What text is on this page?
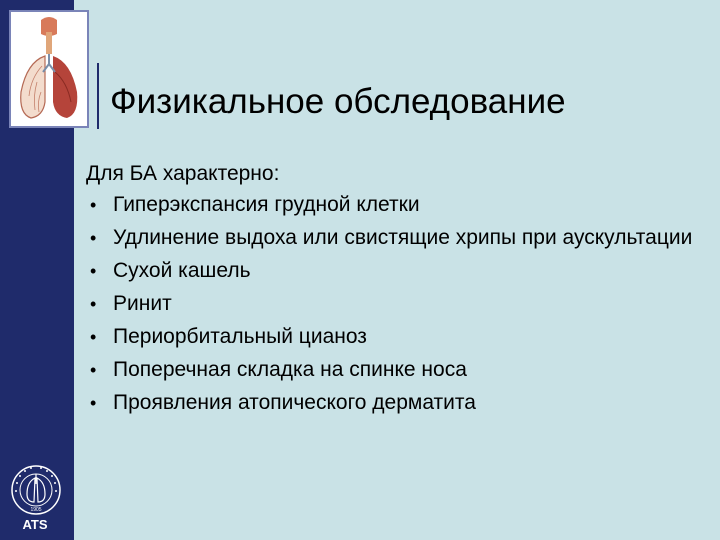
Физикальное обследование
Для БА характерно:
• Гиперэкспансия грудной клетки
• Удлинение выдоха или свистящие хрипы при аускультации
• Сухой кашель
• Ринит
• Периорбитальный цианоз
• Поперечная складка на спинке носа
• Проявления атопического дерматита
1905
ATS
